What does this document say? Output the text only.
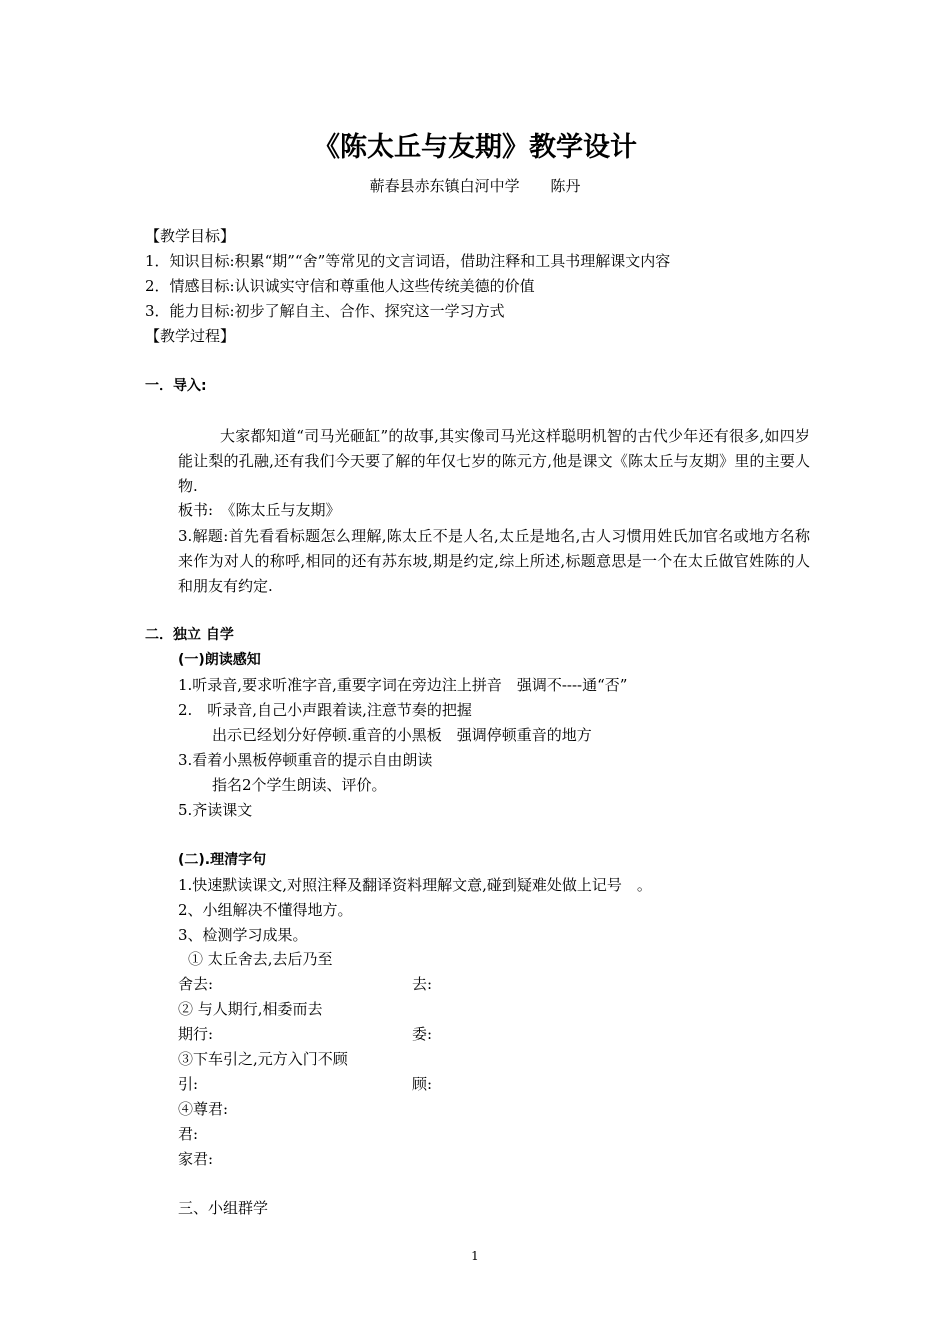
《陈太丘与友期》教学设计
蕲春县赤东镇白河中学 陈丹
【教学目标】
1．知识目标:积累“期”“舍”等常见的文言词语，借助注释和工具书理解课文内容
2．情感目标:认识诚实守信和尊重他人这些传统美德的价值
3．能力目标:初步了解自主、合作、探究这一学习方式
【教学过程】
一．导入:
大家都知道“司马光砸缸”的故事,其实像司马光这样聪明机智的古代少年还有很多,如四岁能让梨的孔融,还有我们今天要了解的年仅七岁的陈元方,他是课文《陈太丘与友期》里的主要人物.
板书:　《陈太丘与友期》
3.解题:首先看看标题怎么理解,陈太丘不是人名,太丘是地名,古人习惯用姓氏加官名或地方名称来作为对人的称呼,相同的还有苏东坡,期是约定,综上所述,标题意思是一个在太丘做官姓陈的人和朋友有约定.
二．独立 自学
(一)朗读感知
1.听录音,要求听准字音,重要字词在旁边注上拼音　强调不----通“否”
2.　听录音,自己小声跟着读,注意节奏的把握
出示已经划分好停顿.重音的小黑板　强调停顿重音的地方
3.看着小黑板停顿重音的提示自由朗读
指名2个学生朗读、评价。
5.齐读课文
(二).理清字句
1.快速默读课文,对照注释及翻译资料理解文意,碰到疑难处做上记号　。
2、小组解决不懂得地方。
3、检测学习成果。
① 太丘舍去,去后乃至
舍去:	去:
② 与人期行,相委而去
期行:	委:
③下车引之,元方入门不顾
引:	顾:
④尊君:
君:
家君:
三、小组群学
1
